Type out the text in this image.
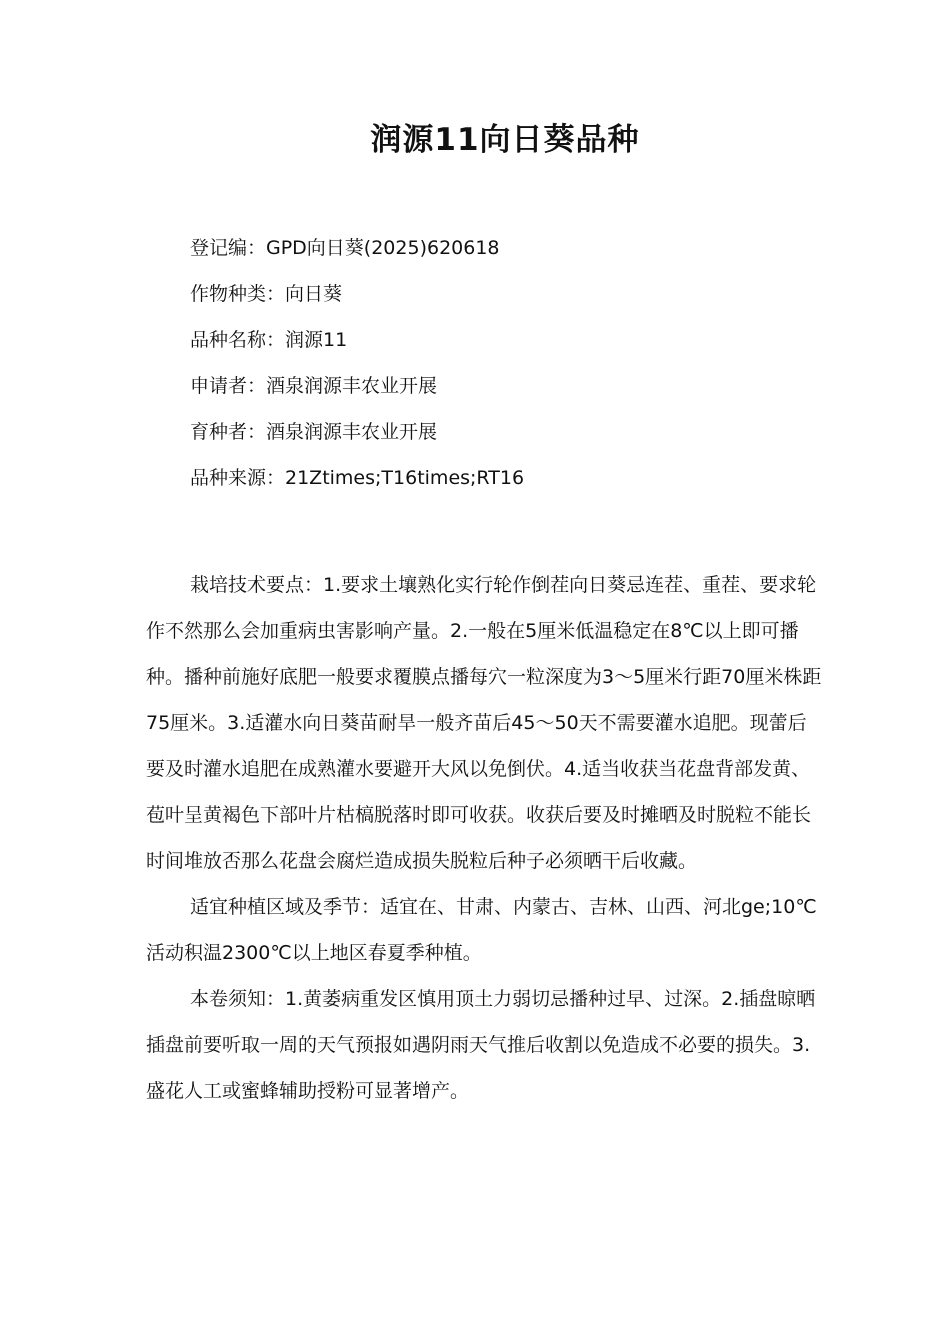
润源11向日葵品种
登记编：GPD向日葵(2025)620618
作物种类：向日葵
品种名称：润源11
申请者：酒泉润源丰农业开展
育种者：酒泉润源丰农业开展
品种来源：21Ztimes;T16times;RT16

栽培技术要点：1.要求土壤熟化实行轮作倒茬向日葵忌连茬、重茬、要求轮作不然那么会加重病虫害影响产量。2.一般在5厘米低温稳定在8℃以上即可播种。播种前施好底肥一般要求覆膜点播每穴一粒深度为3～5厘米行距70厘米株距75厘米。3.适灌水向日葵苗耐旱一般齐苗后45～50天不需要灌水追肥。现蕾后要及时灌水追肥在成熟灌水要避开大风以免倒伏。4.适当收获当花盘背部发黄、苞叶呈黄褐色下部叶片枯槁脱落时即可收获。收获后要及时摊晒及时脱粒不能长时间堆放否那么花盘会腐烂造成损失脱粒后种子必须晒干后收藏。

适宜种植区域及季节：适宜在、甘肃、内蒙古、吉林、山西、河北ge;10℃活动积温2300℃以上地区春夏季种植。

本卷须知：1.黄萎病重发区慎用顶土力弱切忌播种过早、过深。2.插盘晾晒插盘前要听取一周的天气预报如遇阴雨天气推后收割以免造成不必要的损失。3.盛花人工或蜜蜂辅助授粉可显著增产。
